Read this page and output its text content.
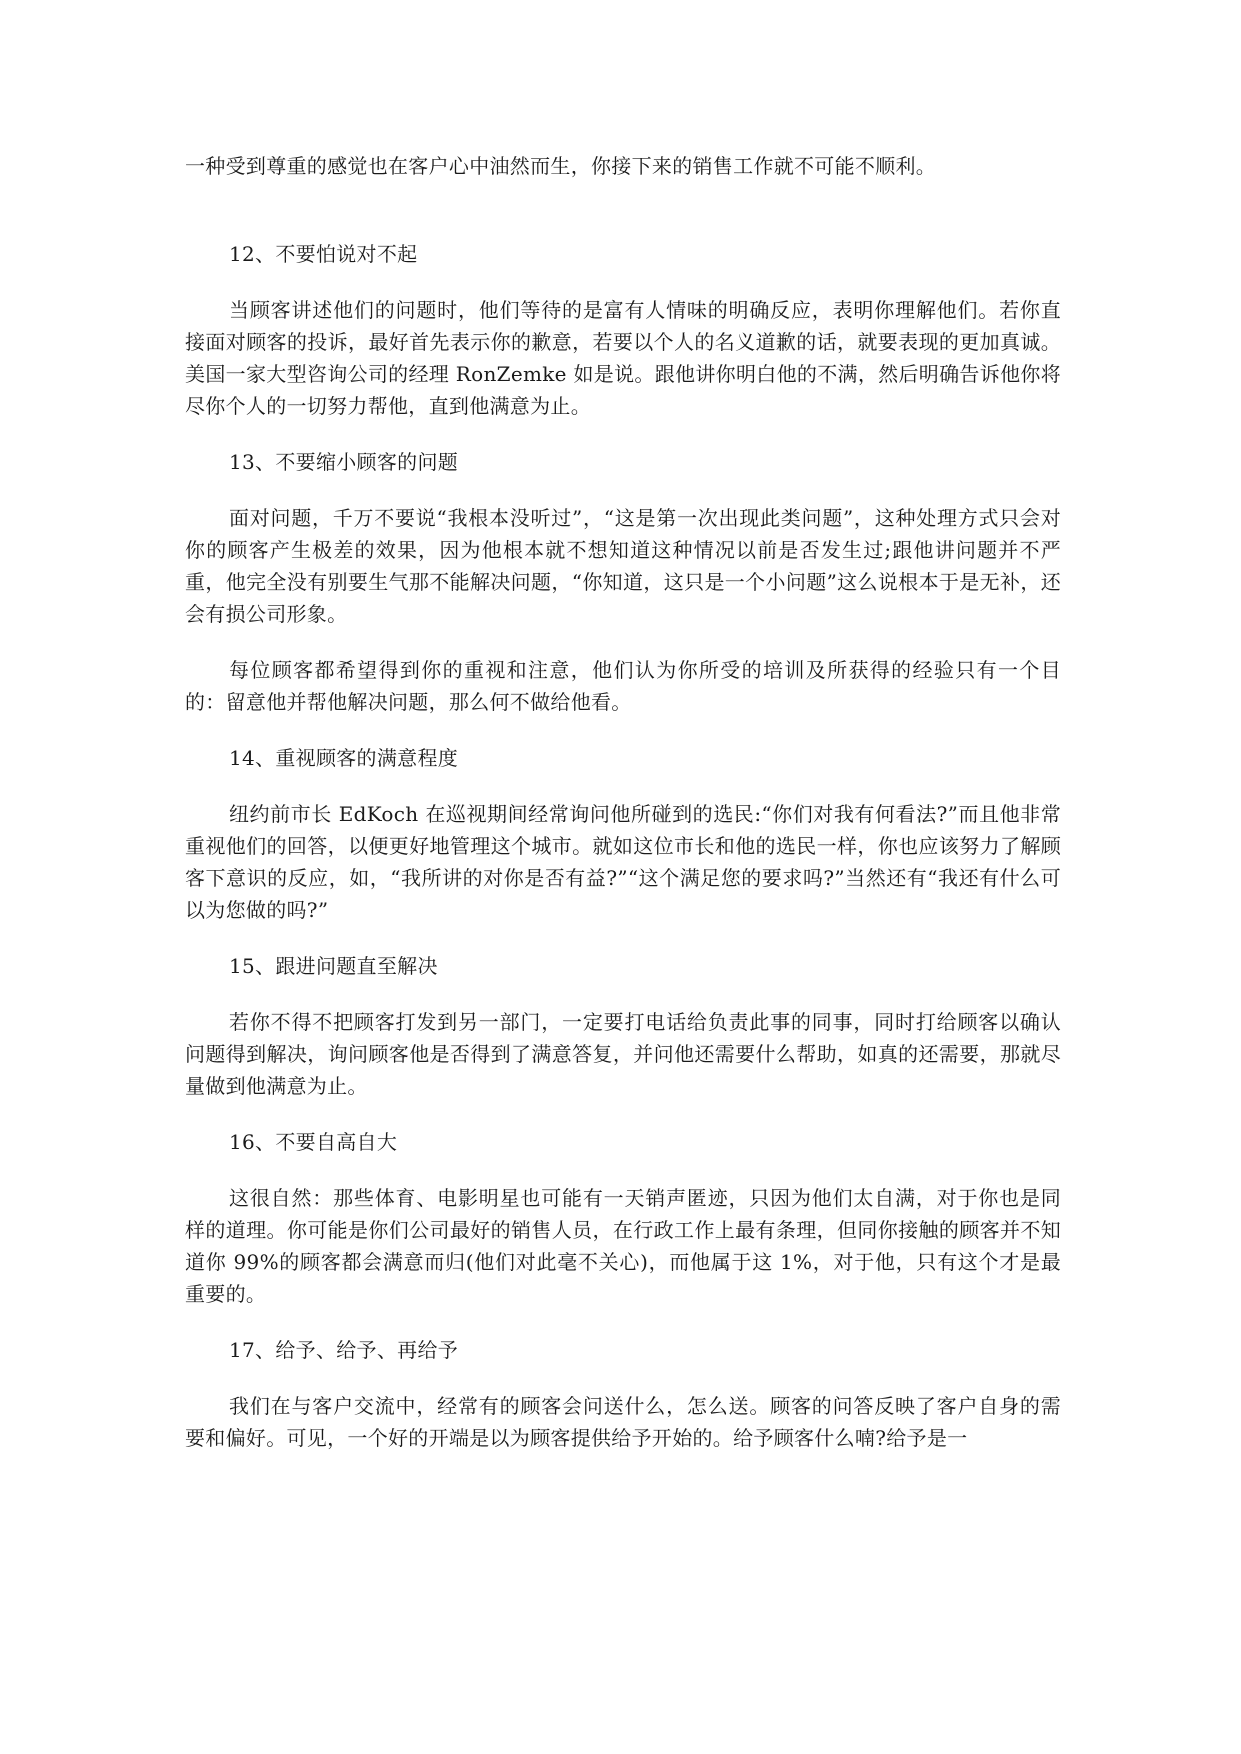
一种受到尊重的感觉也在客户心中油然而生，你接下来的销售工作就不可能不顺利。

12、不要怕说对不起

当顾客讲述他们的问题时，他们等待的是富有人情味的明确反应，表明你理解他们。若你直接面对顾客的投诉，最好首先表示你的歉意，若要以个人的名义道歉的话，就要表现的更加真诚。美国一家大型咨询公司的经理 RonZemke 如是说。跟他讲你明白他的不满，然后明确告诉他你将尽你个人的一切努力帮他，直到他满意为止。

13、不要缩小顾客的问题

面对问题，千万不要说“我根本没听过”，“这是第一次出现此类问题”，这种处理方式只会对你的顾客产生极差的效果，因为他根本就不想知道这种情况以前是否发生过;跟他讲问题并不严重，他完全没有别要生气那不能解决问题，“你知道，这只是一个小问题”这么说根本于是无补，还会有损公司形象。

每位顾客都希望得到你的重视和注意，他们认为你所受的培训及所获得的经验只有一个目的：留意他并帮他解决问题，那么何不做给他看。

14、重视顾客的满意程度

纽约前市长 EdKoch 在巡视期间经常询问他所碰到的选民:“你们对我有何看法?”而且他非常重视他们的回答，以便更好地管理这个城市。就如这位市长和他的选民一样，你也应该努力了解顾客下意识的反应，如，“我所讲的对你是否有益?”“这个满足您的要求吗?”当然还有“我还有什么可以为您做的吗?”

15、跟进问题直至解决

若你不得不把顾客打发到另一部门，一定要打电话给负责此事的同事，同时打给顾客以确认问题得到解决，询问顾客他是否得到了满意答复，并问他还需要什么帮助，如真的还需要，那就尽量做到他满意为止。

16、不要自高自大

这很自然：那些体育、电影明星也可能有一天销声匿迹，只因为他们太自满，对于你也是同样的道理。你可能是你们公司最好的销售人员，在行政工作上最有条理，但同你接触的顾客并不知道你 99%的顾客都会满意而归(他们对此毫不关心)，而他属于这 1%，对于他，只有这个才是最重要的。

17、给予、给予、再给予

我们在与客户交流中，经常有的顾客会问送什么，怎么送。顾客的问答反映了客户自身的需要和偏好。可见，一个好的开端是以为顾客提供给予开始的。给予顾客什么喃?给予是一
